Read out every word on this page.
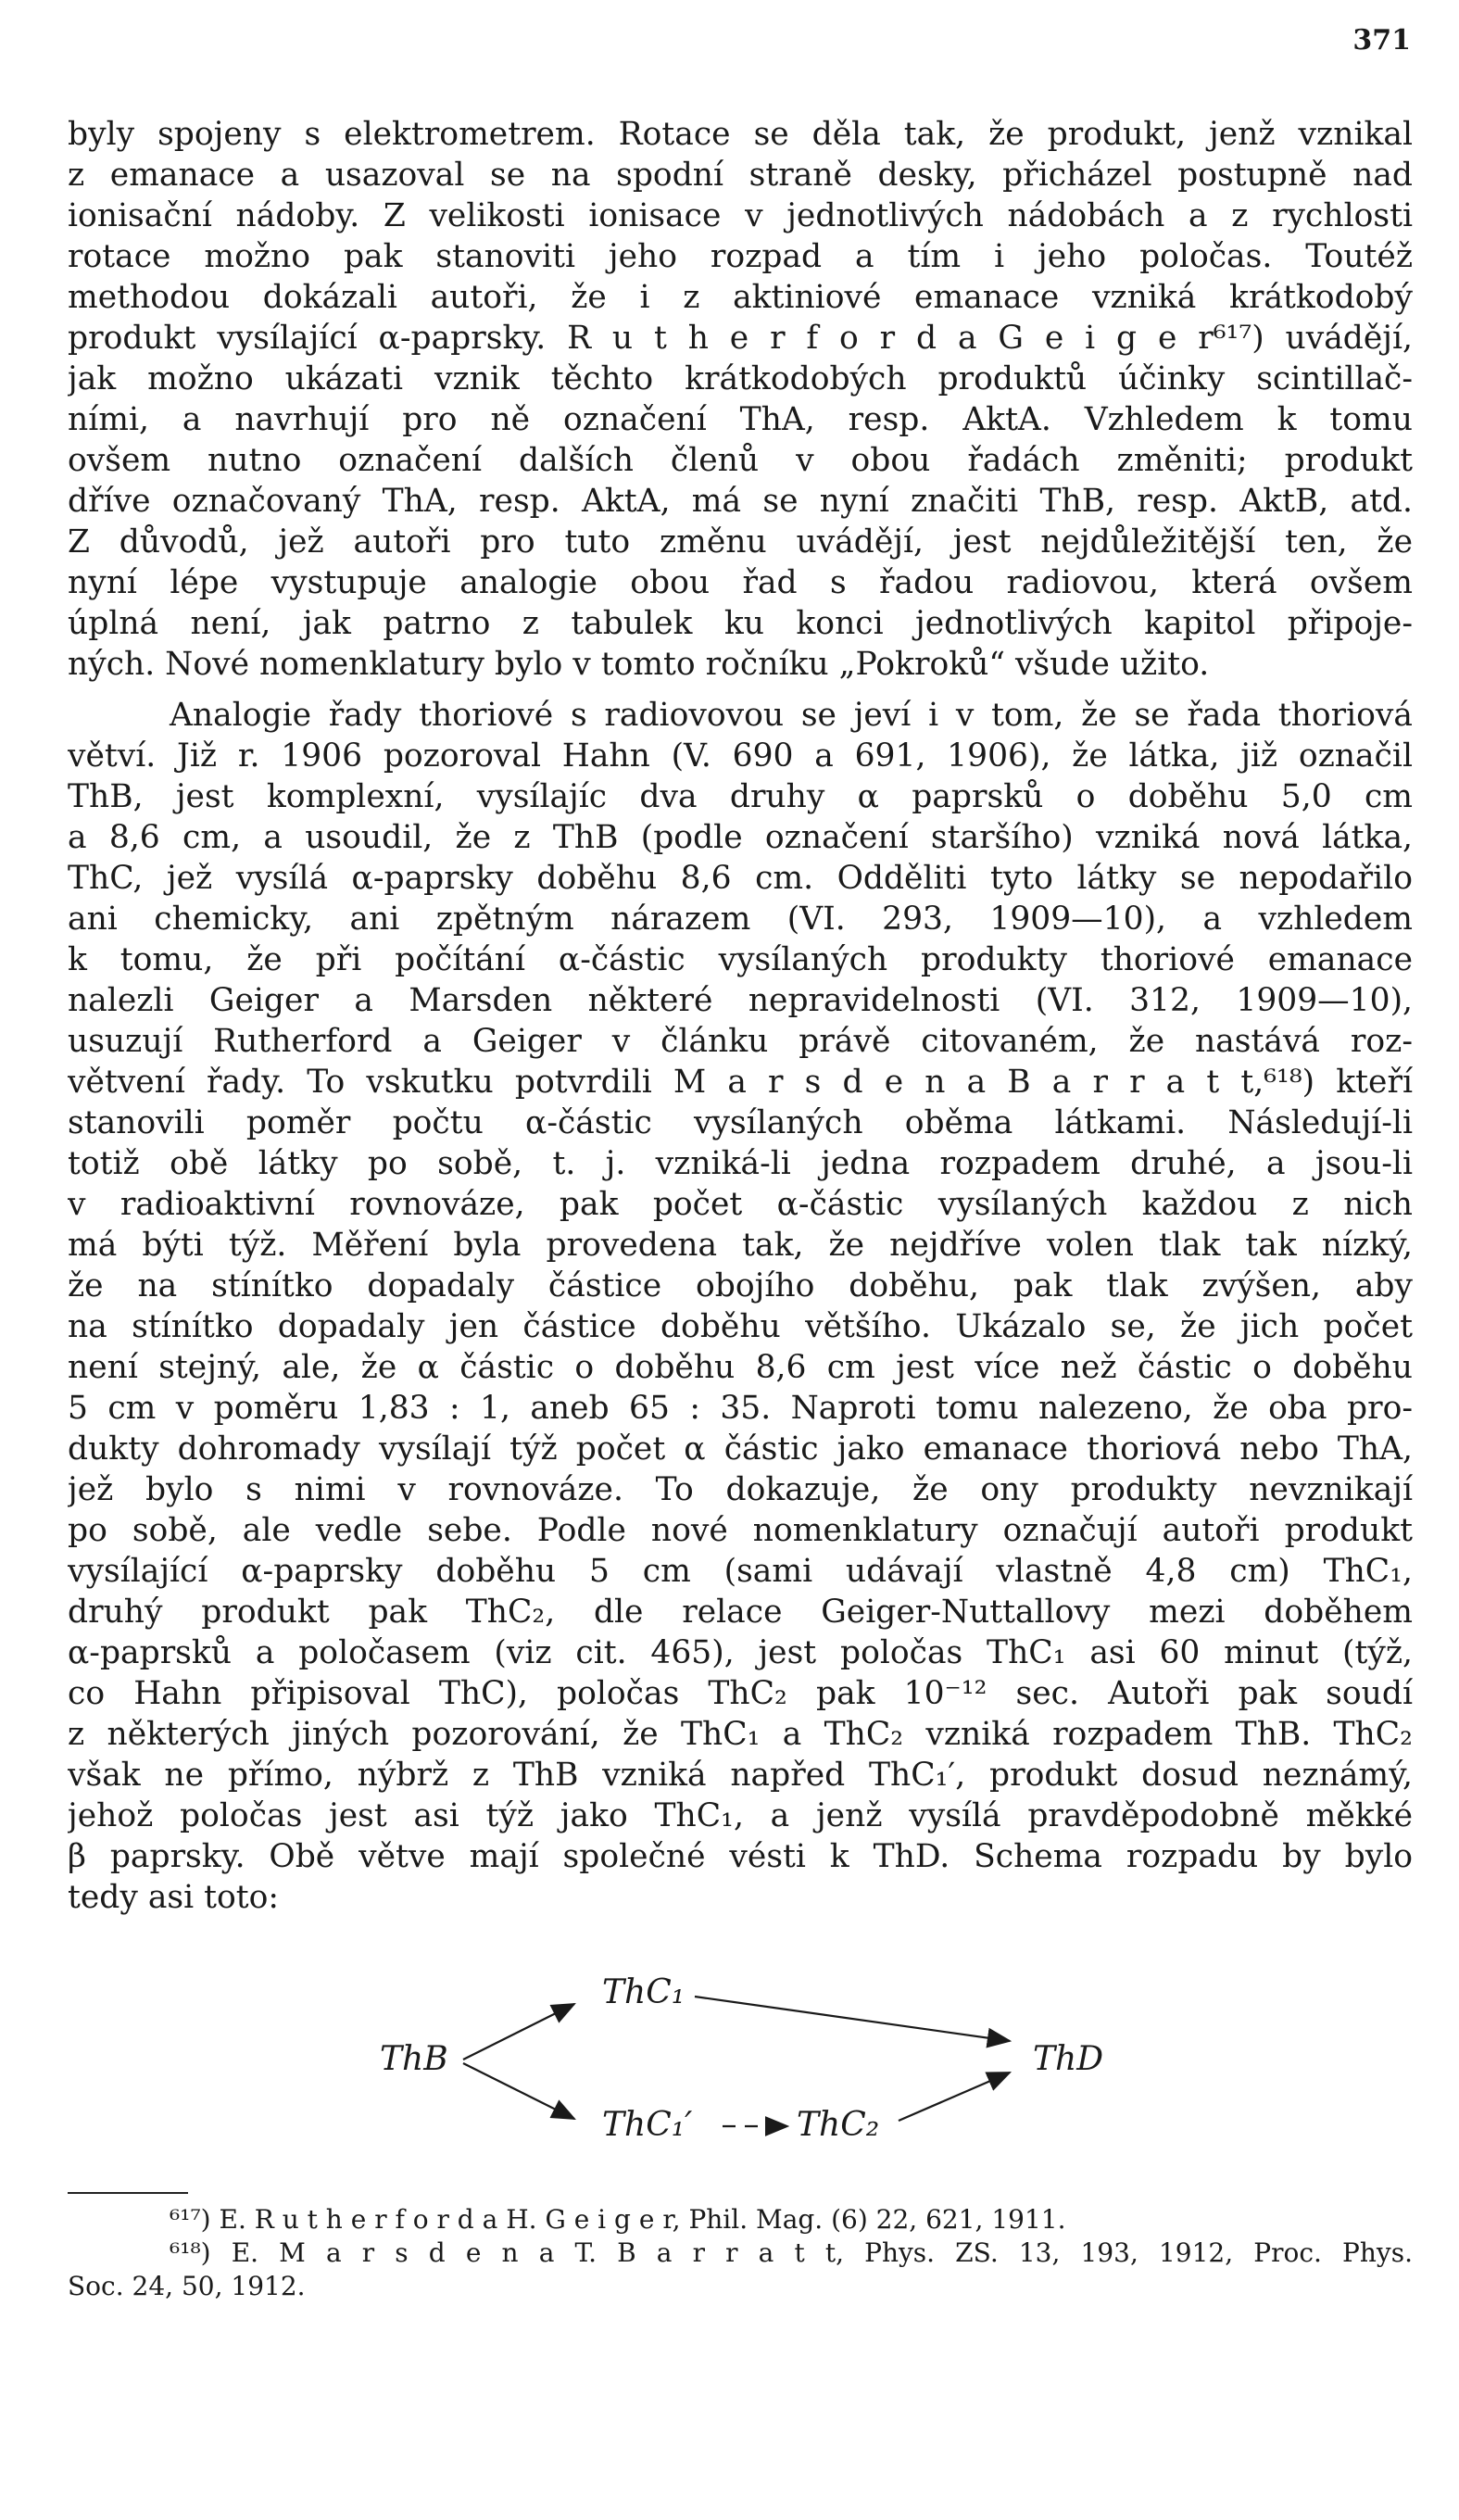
371
byly spojeny s elektrometrem. Rotace se děla tak, že produkt, jenž vznikal
z emanace a usazoval se na spodní straně desky, přicházel postupně nad
ionisační nádoby. Z velikosti ionisace v jednotlivých nádobách a z rychlosti
rotace možno pak stanoviti jeho rozpad a tím i jeho poločas. Toutéž
methodou dokázali autoři, že i z aktiniové emanace vzniká krátkodobý
produkt vysílající α-paprsky. R u t h e r f o r d a G e i g e r⁶¹⁷) uvádějí,
jak možno ukázati vznik těchto krátkodobých produktů účinky scintillač-
ními, a navrhují pro ně označení ThA, resp. AktA. Vzhledem k tomu
ovšem nutno označení dalších členů v obou řadách změniti; produkt
dříve označovaný ThA, resp. AktA, má se nyní značiti ThB, resp. AktB, atd.
Z důvodů, jež autoři pro tuto změnu uvádějí, jest nejdůležitější ten, že
nyní lépe vystupuje analogie obou řad s řadou radiovou, která ovšem
úplná není, jak patrno z tabulek ku konci jednotlivých kapitol připoje-
ných. Nové nomenklatury bylo v tomto ročníku „Pokroků“ všude užito.
Analogie řady thoriové s radiovovou se jeví i v tom, že se řada thoriová
větví. Již r. 1906 pozoroval Hahn (V. 690 a 691, 1906), že látka, již označil
ThB, jest komplexní, vysílajíc dva druhy α paprsků o doběhu 5,0 cm
a 8,6 cm, a usoudil, že z ThB (podle označení staršího) vzniká nová látka,
ThC, jež vysílá α-paprsky doběhu 8,6 cm. Odděliti tyto látky se nepodařilo
ani chemicky, ani zpětným nárazem (VI. 293, 1909—10), a vzhledem
k tomu, že při počítání α-částic vysílaných produkty thoriové emanace
nalezli Geiger a Marsden některé nepravidelnosti (VI. 312, 1909—10),
usuzují Rutherford a Geiger v článku právě citovaném, že nastává roz-
větvení řady. To vskutku potvrdili M a r s d e n a B a r r a t t,⁶¹⁸) kteří
stanovili poměr počtu α-částic vysílaných oběma látkami. Následují-li
totiž obě látky po sobě, t. j. vzniká-li jedna rozpadem druhé, a jsou-li
v radioaktivní rovnováze, pak počet α-částic vysílaných každou z nich
má býti týž. Měření byla provedena tak, že nejdříve volen tlak tak nízký,
že na stínítko dopadaly částice obojího doběhu, pak tlak zvýšen, aby
na stínítko dopadaly jen částice doběhu většího. Ukázalo se, že jich počet
není stejný, ale, že α částic o doběhu 8,6 cm jest více než částic o doběhu
5 cm v poměru 1,83 : 1, aneb 65 : 35. Naproti tomu nalezeno, že oba pro-
dukty dohromady vysílají týž počet α částic jako emanace thoriová nebo ThA,
jež bylo s nimi v rovnováze. To dokazuje, že ony produkty nevznikají
po sobě, ale vedle sebe. Podle nové nomenklatury označují autoři produkt
vysílající α-paprsky doběhu 5 cm (sami udávají vlastně 4,8 cm) ThC₁,
druhý produkt pak ThC₂, dle relace Geiger-Nuttallovy mezi doběhem
α-paprsků a poločasem (viz cit. 465), jest poločas ThC₁ asi 60 minut (týž,
co Hahn připisoval ThC), poločas ThC₂ pak 10⁻¹² sec. Autoři pak soudí
z některých jiných pozorování, že ThC₁ a ThC₂ vzniká rozpadem ThB. ThC₂
však ne přímo, nýbrž z ThB vzniká napřed ThC₁′, produkt dosud neznámý,
jehož poločas jest asi týž jako ThC₁, a jenž vysílá pravděpodobně měkké
β paprsky. Obě větve mají společné vésti k ThD. Schema rozpadu by bylo
tedy asi toto:
ThB
ThC₁
ThC₁′	ThC₂
ThD
⁶¹⁷) E. R u t h e r f o r d a H. G e i g e r, Phil. Mag. (6) 22, 621, 1911.
⁶¹⁸) E. M a r s d e n a T. B a r r a t t, Phys. ZS. 13, 193, 1912, Proc. Phys.
Soc. 24, 50, 1912.
